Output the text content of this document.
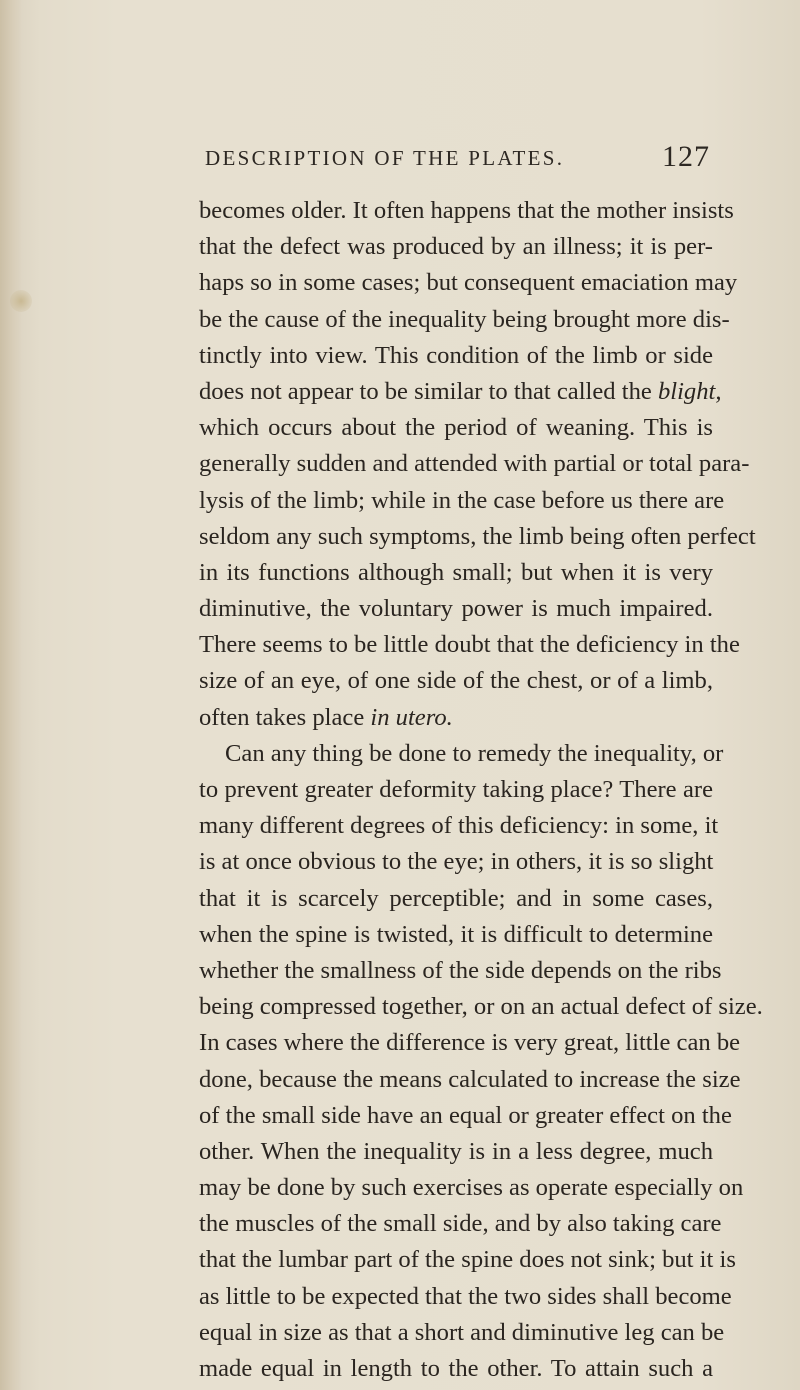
DESCRIPTION OF THE PLATES.	127
becomes older. It often happens that the mother insists
that the defect was produced by an illness; it is per-
haps so in some cases; but consequent emaciation may
be the cause of the inequality being brought more dis-
tinctly into view. This condition of the limb or side
does not appear to be similar to that called the blight,
which occurs about the period of weaning. This is
generally sudden and attended with partial or total para-
lysis of the limb; while in the case before us there are
seldom any such symptoms, the limb being often perfect
in its functions although small; but when it is very
diminutive, the voluntary power is much impaired.
There seems to be little doubt that the deficiency in the
size of an eye, of one side of the chest, or of a limb,
often takes place in utero.
Can any thing be done to remedy the inequality, or
to prevent greater deformity taking place? There are
many different degrees of this deficiency: in some, it
is at once obvious to the eye; in others, it is so slight
that it is scarcely perceptible; and in some cases,
when the spine is twisted, it is difficult to determine
whether the smallness of the side depends on the ribs
being compressed together, or on an actual defect of size.
In cases where the difference is very great, little can be
done, because the means calculated to increase the size
of the small side have an equal or greater effect on the
other. When the inequality is in a less degree, much
may be done by such exercises as operate especially on
the muscles of the small side, and by also taking care
that the lumbar part of the spine does not sink; but it is
as little to be expected that the two sides shall become
equal in size as that a short and diminutive leg can be
made equal in length to the other. To attain such a
